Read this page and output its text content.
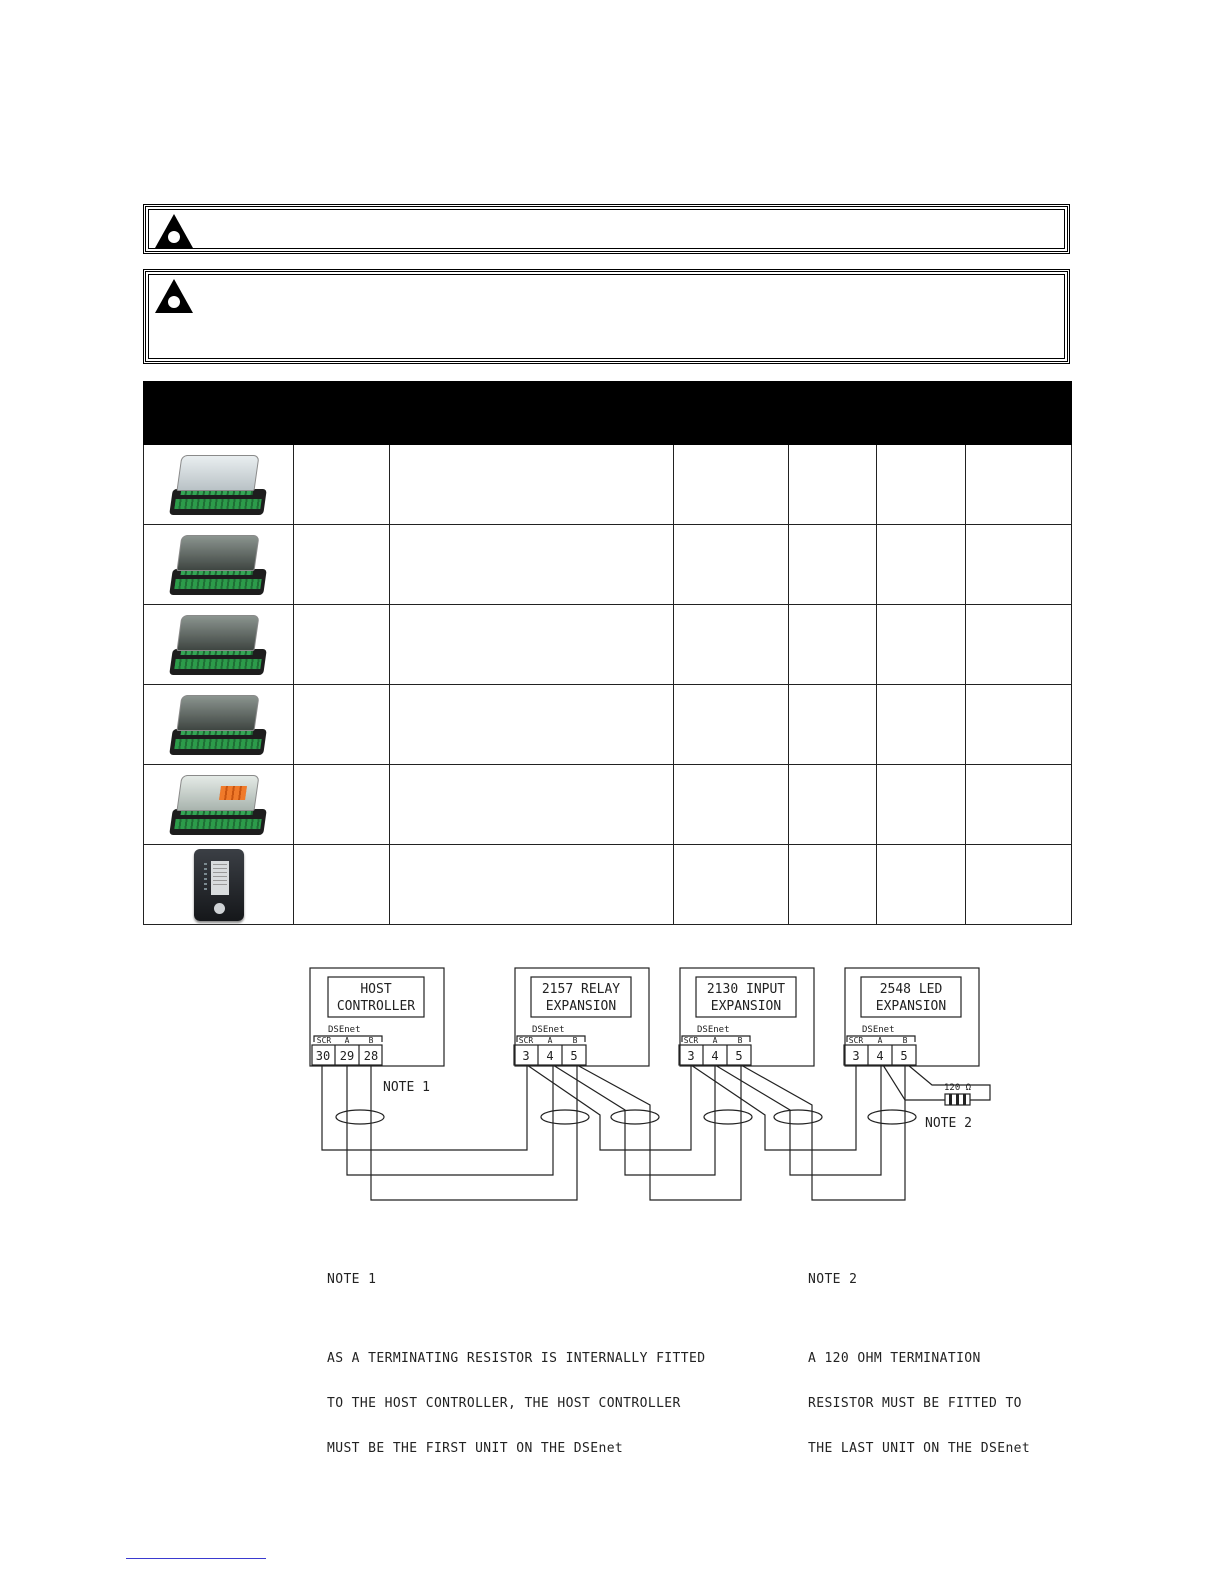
HOST
CONTROLLER
2157 RELAY
EXPANSION
2130 INPUT
EXPANSION
2548 LED
EXPANSION
DSEnet	DSEnet	DSEnet	DSEnet
SCR A B	SCR A	B	SCR A	B	SCR A	B
30 29 28	3 4 5	3 4 5	3 4 5
NOTE 1
NOTE 2
120 Ω

NOTE 1

AS A TERMINATING RESISTOR IS INTERNALLY FITTED

TO THE HOST CONTROLLER, THE HOST CONTROLLER

MUST BE THE FIRST UNIT ON THE DSEnet

NOTE 2

A 120 OHM TERMINATION

RESISTOR MUST BE FITTED TO

THE LAST UNIT ON THE DSEnet
